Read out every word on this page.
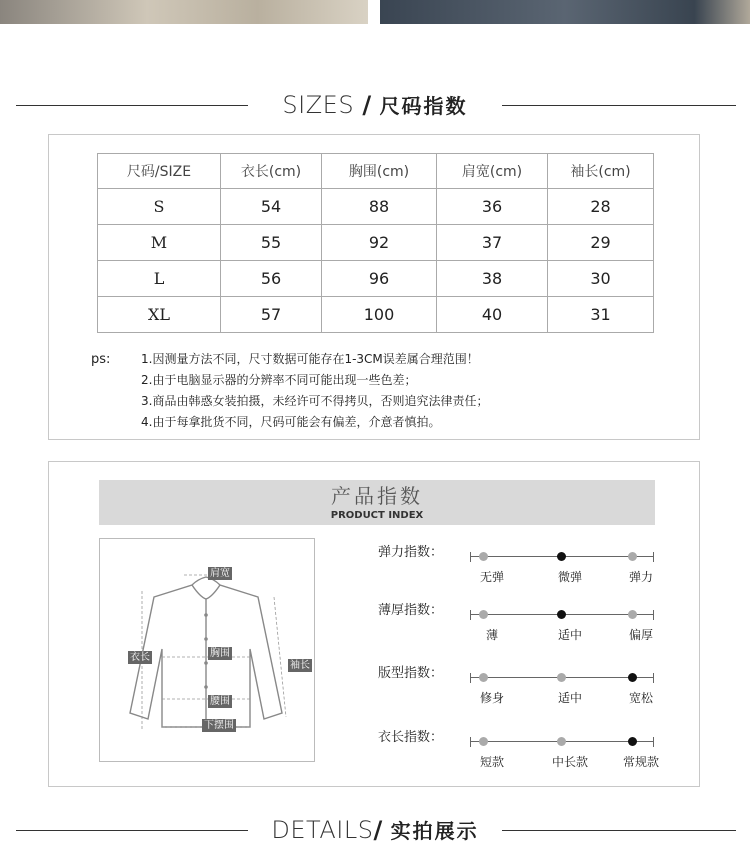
SIZES / 尺码指数
尺码/SIZE	衣长(cm)	胸围(cm)	肩宽(cm)	袖长(cm)
S	54	88	36	28
M	55	92	37	29
L	56	96	38	30
XL	57	100	40	31
ps:	1.因测量方法不同，尺寸数据可能存在1-3CM误差属合理范围！
2.由于电脑显示器的分辨率不同可能出现一些色差；
3.商品由韩惑女装拍摄，未经许可不得拷贝，否则追究法律责任；
4.由于每拿批货不同，尺码可能会有偏差，介意者慎拍。
产品指数
PRODUCT INDEX
肩宽
衣长	胸围
袖长
腰围
下摆围
弹力指数：
无弹	微弹	弹力
薄厚指数：
薄	适中	偏厚
版型指数：
修身	适中	宽松
衣长指数：
短款	中长款	常规款
DETAILS/ 实拍展示
